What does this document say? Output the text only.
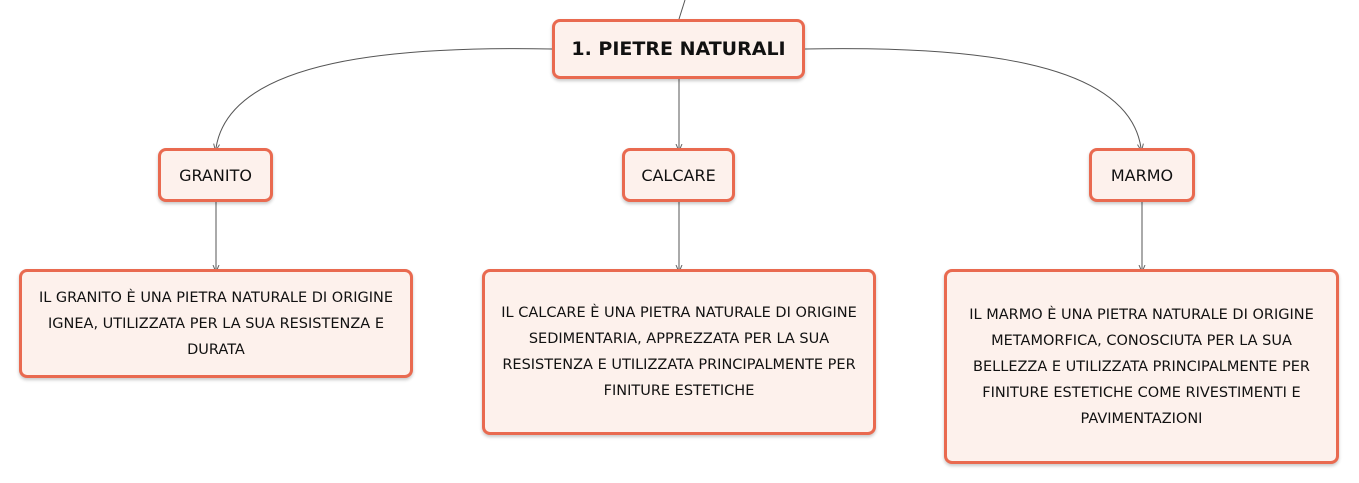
1. PIETRE NATURALI
GRANITO	CALCARE	MARMO
IL GRANITO È UNA PIETRA NATURALE DI ORIGINE IGNEA, UTILIZZATA PER LA SUA RESISTENZA E DURATA
IL CALCARE È UNA PIETRA NATURALE DI ORIGINE SEDIMENTARIA, APPREZZATA PER LA SUA RESISTENZA E UTILIZZATA PRINCIPALMENTE PER FINITURE ESTETICHE
IL MARMO È UNA PIETRA NATURALE DI ORIGINE METAMORFICA, CONOSCIUTA PER LA SUA BELLEZZA E UTILIZZATA PRINCIPALMENTE PER FINITURE ESTETICHE COME RIVESTIMENTI E PAVIMENTAZIONI
